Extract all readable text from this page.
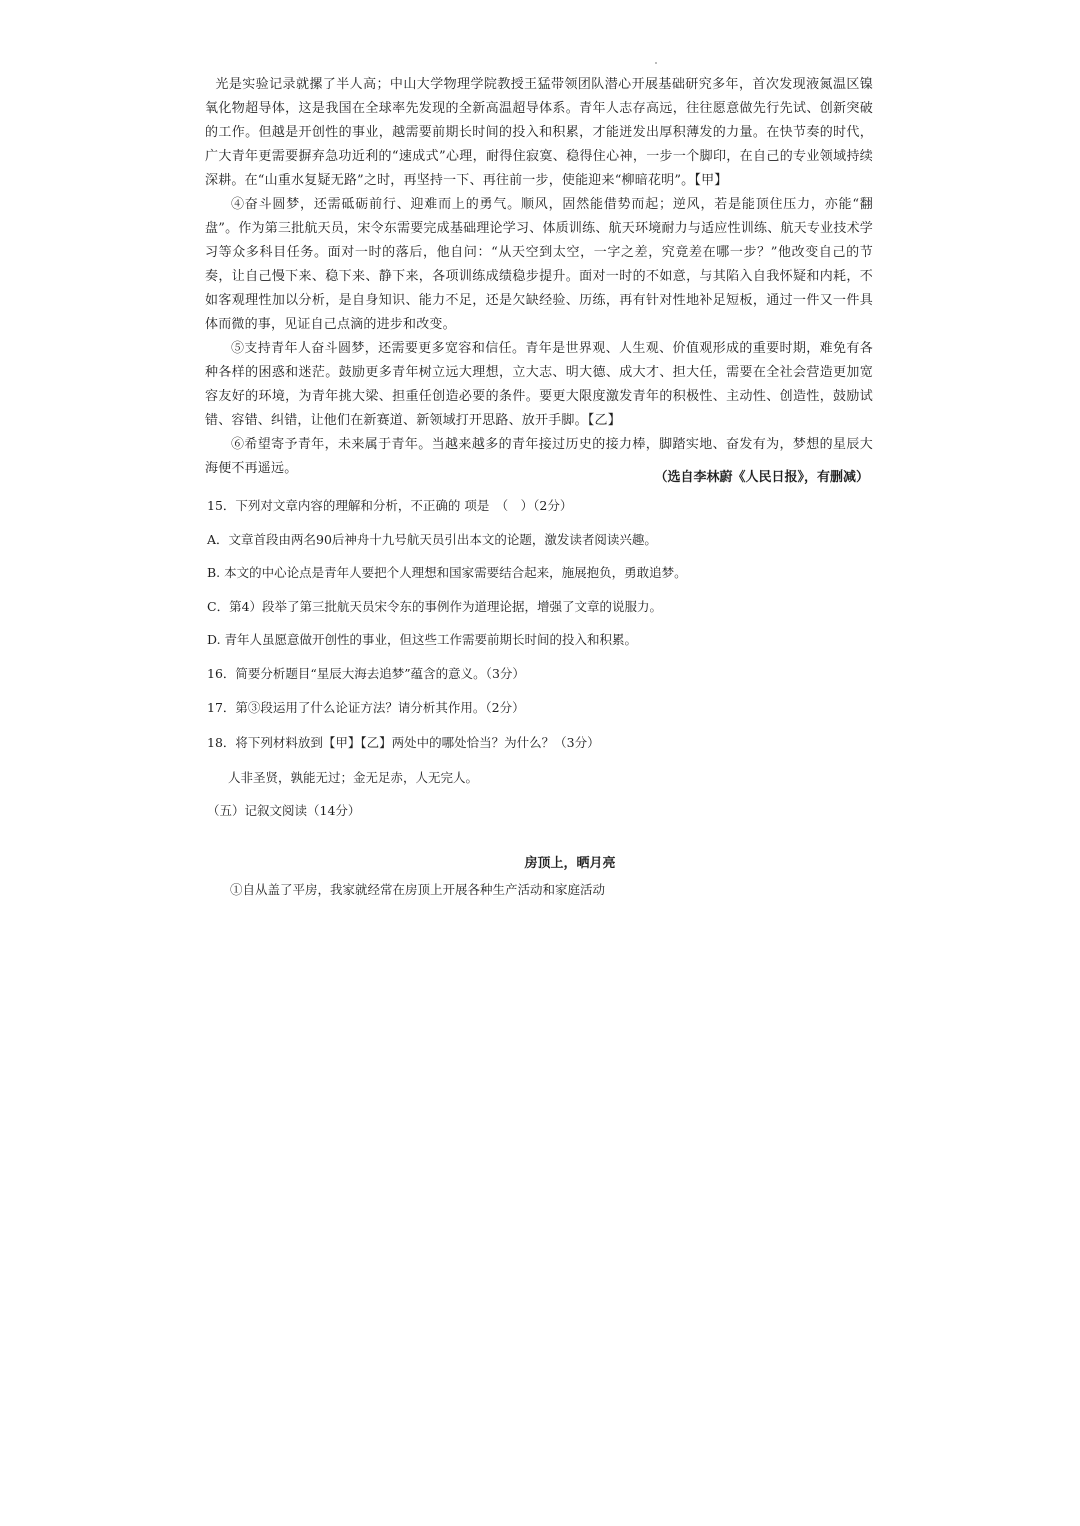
光是实验记录就摞了半人高；中山大学物理学院教授王猛带领团队潜心开展基础研究多年，首次发现液氮温区镍氧化物超导体，这是我国在全球率先发现的全新高温超导体系。青年人志存高远，往往愿意做先行先试、创新突破的工作。但越是开创性的事业，越需要前期长时间的投入和积累，才能迸发出厚积薄发的力量。在快节奏的时代，广大青年更需要摒弃急功近利的“速成式”心理，耐得住寂寞、稳得住心神，一步一个脚印，在自己的专业领域持续深耕。在“山重水复疑无路”之时，再坚持一下、再往前一步，使能迎来“柳暗花明”。【甲】

④奋斗圆梦，还需砥砺前行、迎难而上的勇气。顺风，固然能借势而起；逆风，若是能顶住压力，亦能“翻盘”。作为第三批航天员，宋令东需要完成基础理论学习、体质训练、航天环境耐力与适应性训练、航天专业技术学习等众多科目任务。面对一时的落后，他自问：“从天空到太空，一字之差，究竟差在哪一步？”他改变自己的节奏，让自己慢下来、稳下来、静下来，各项训练成绩稳步提升。面对一时的不如意，与其陷入自我怀疑和内耗，不如客观理性加以分析，是自身知识、能力不足，还是欠缺经验、历练，再有针对性地补足短板，通过一件又一件具体而微的事，见证自己点滴的进步和改变。

⑤支持青年人奋斗圆梦，还需要更多宽容和信任。青年是世界观、人生观、价值观形成的重要时期，难免有各种各样的困惑和迷茫。鼓励更多青年树立远大理想，立大志、明大德、成大才、担大任，需要在全社会营造更加宽容友好的环境，为青年挑大梁、担重任创造必要的条件。要更大限度激发青年的积极性、主动性、创造性，鼓励试错、容错、纠错，让他们在新赛道、新领域打开思路、放开手脚。【乙】

⑥希望寄予青年，未来属于青年。当越来越多的青年接过历史的接力棒，脚踏实地、奋发有为，梦想的星辰大海便不再遥远。

（选自李林蔚《人民日报》，有删减）
15．下列对文章内容的理解和分析，不正确的 项是　（　）（2分）
A．文章首段由两名90后神舟十九号航天员引出本文的论题，激发读者阅读兴趣。
B. 本文的中心论点是青年人要把个人理想和国家需要结合起来，施展抱负，勇敢追梦。
C．第4）段举了第三批航天员宋令东的事例作为道理论据，增强了文章的说服力。
D. 青年人虽愿意做开创性的事业，但这些工作需要前期长时间的投入和积累。
16．简要分析题目“星辰大海去追梦”蕴含的意义。（3分）
17．第③段运用了什么论证方法？请分析其作用。（2分）
18．将下列材料放到【甲】【乙】两处中的哪处恰当？为什么？（3分）
人非圣贤，孰能无过；金无足赤，人无完人。
（五）记叙文阅读（14分）
房顶上，晒月亮
①自从盖了平房，我家就经常在房顶上开展各种生产活动和家庭活动
